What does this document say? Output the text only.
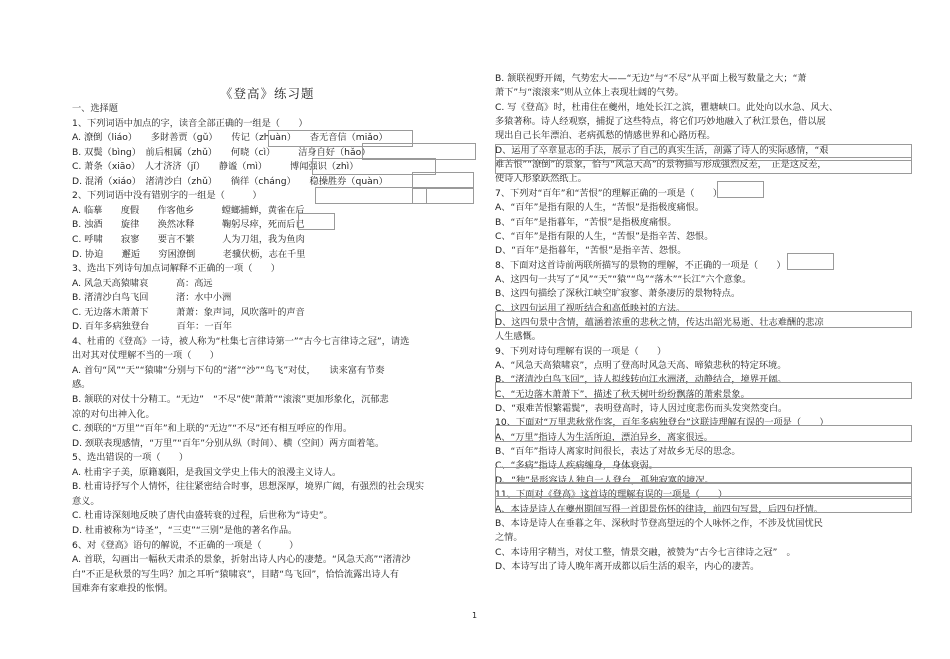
《登高》练习题
一、选择题
1、下列词语中加点的字，读音全部正确的一组是（　　）
A. 潦倒（liáo）　　多財善贾（gǔ）　　传记（zhuàn）　　杳无音信（miǎo）
B. 双鬓（bìng）　前后相属（zhǔ）　　何晓（cì）　　　洁身自好（hǎo）
C. 萧条（xiāo）　人才济济（jǐ）　　静谧（mì）　　　博闻强识（zhì）
D. 混淆（xiáo）　渚清沙白（zhǔ）　　徜徉（cháng）　　稳操胜券（quàn）
2、下列词语中没有错别字的一组是（　　　）
A. 临摹　　度假　　作客他乡　　　螳螂捕蝉，黄雀在后
B. 浊酒　　旋律　　涣然冰释　　　鞠躬尽瘁，死而后已
C. 呼啸　　寂寥　　要言不繁　　　人为刀俎，我为鱼肉
D. 协迫　　邂逅　　穷困潦倒　　　老骥伏枥，志在千里
3、选出下列诗句加点词解释不正确的一项（　　）
A. 风急天高猿啸哀　　　高：高远
B. 渚清沙白鸟飞回　　　渚：水中小洲
C. 无边落木萧萧下　　　萧萧：象声词，风吹落叶的声音
D. 百年多病独登台　　　百年：一百年
4、杜甫的《登高》一诗，被人称为“杜集七言律诗第一”“古今七言律诗之冠”，请选
出对其对仗理解不当的一项（　　）
A. 首句“风”“天”“猿啸”分别与下句的“渚”“沙”“鸟飞”对仗，　　读来富有节奏
感。
B. 颔联的对仗十分精工。“无边”　“不尽”使“萧萧”“滚滚”更加形象化，沉郁悲
凉的对句出神入化。
C. 颈联的“万里”“百年”和上联的“无边”“不尽”还有相互呼应的作用。
D. 颈联表现感情，“万里”“百年”分别从纵（时间）、横（空间）两方面着笔。
5、选出错误的一项（　　）
A. 杜甫字子美，原籍襄阳，是我国文学史上伟大的浪漫主义诗人。
B. 杜甫诗抒写个人情怀，往往紧密结合时事，思想深厚，境界广阔，有强烈的社会现实
意义。
C. 杜甫诗深刻地反映了唐代由盛转衰的过程，后世称为“诗史”。
D. 杜甫被称为“诗圣”，“三吏”“三别”是他的著名作品。
6、对《登高》语句的解说，不正确的一项是（　　　）
A. 首联，勾画出一幅秋天肃杀的景象，折射出诗人内心的凄楚。“风急天高”“渚清沙
白”不正是秋景的写生吗？加之耳听“猿啸哀”，目睹“鸟飞回”，恰恰流露出诗人有
国难奔有家难投的怅惘。
B. 颔联视野开阔，气势宏大——“无边”与“不尽”从平面上极写数量之大；“萧
萧下”与“滚滚来”则从立体上表现壮阔的气势。
C. 写《登高》时，杜甫住在夔州，地处长江之滨，瞿塘峡口。此处向以水急、风大、
多猿著称。诗人经观察，捕捉了这些特点，将它们巧妙地融入了秋江景色，借以展
现出自己长年漂泊、老病孤愁的情感世界和心路历程。
D、运用了卒章显志的手法，展示了自己的真实生活，剖露了诗人的实际感情，“艰
难苦恨”“潦倒”的景象，恰与“风急天高”的景物描写形成强烈反差，　正是这反差，
使诗人形象跃然纸上。
7、下列对“百年”和“苦恨”的理解正确的一项是（　　）
A、“百年”是指有限的人生，“苦恨”是指极度痛恨。
B、“百年”是指暮年，“苦恨”是指极度痛恨。
C、“百年”是指有限的人生，“苦恨”是指辛苦、怨恨。
D、“百年”是指暮年，“苦恨”是指辛苦、怨恨。
8、下面对这首诗前两联所描写的景物的理解，不正确的一项是（　　）
A、这四句一共写了“风”“天”“猿”“鸟”“落木”“长江”六个意象。
B、这四句描绘了深秋江峡空旷寂寥、萧条凄厉的景物特点。
C、这四句运用了视听结合和高低映衬的方法。
D、这四句景中含情，蕴涵着浓重的悲秋之情，传达出韶光易逝、壮志难酬的悲凉
人生感慨。
9、下列对诗句理解有误的一项是（　　）
A、“风急天高猿啸哀”，点明了登高时风急天高、啼猿悲秋的特定环境。
B、“渚清沙白鸟飞回”，诗人拟线转向江水洲渚，动静结合，境界开阔。
C、“无边落木萧萧下”，描述了秋天树叶纷纷飘落的萧索景象。
D、“艰难苦恨繁霜鬓”，表明登高时，诗人因过度悲伤而头发突然变白。
10、下面对“万里悲秋常作客，百年多病独登台”这联诗理解有误的一项是（　　）
A、“万里”指诗人为生活所迫，漂泊异乡，离家很远。
B、“百年”指诗人离家时间很长，表达了对故乡无尽的思念。
C、“多病”指诗人疾病缠身，身体衰弱。
D、“独”是形容诗人独自一人登台，孤独寂寞的境况。
11、下面对《登高》这首诗的理解有误的一项是（　　）
A、本诗是诗人在夔州期间写得一首即景伤怀的律诗，前四句写景，后四句抒情。
B、本诗是诗人在垂暮之年、深秋时节登高望远的个人咏怀之作，不涉及忧国忧民
之情。
C、本诗用字精当，对仗工整，情景交融，被赞为“古今七言律诗之冠”　。
D、本诗写出了诗人晚年离开成都以后生活的艰辛，内心的凄苦。
1
